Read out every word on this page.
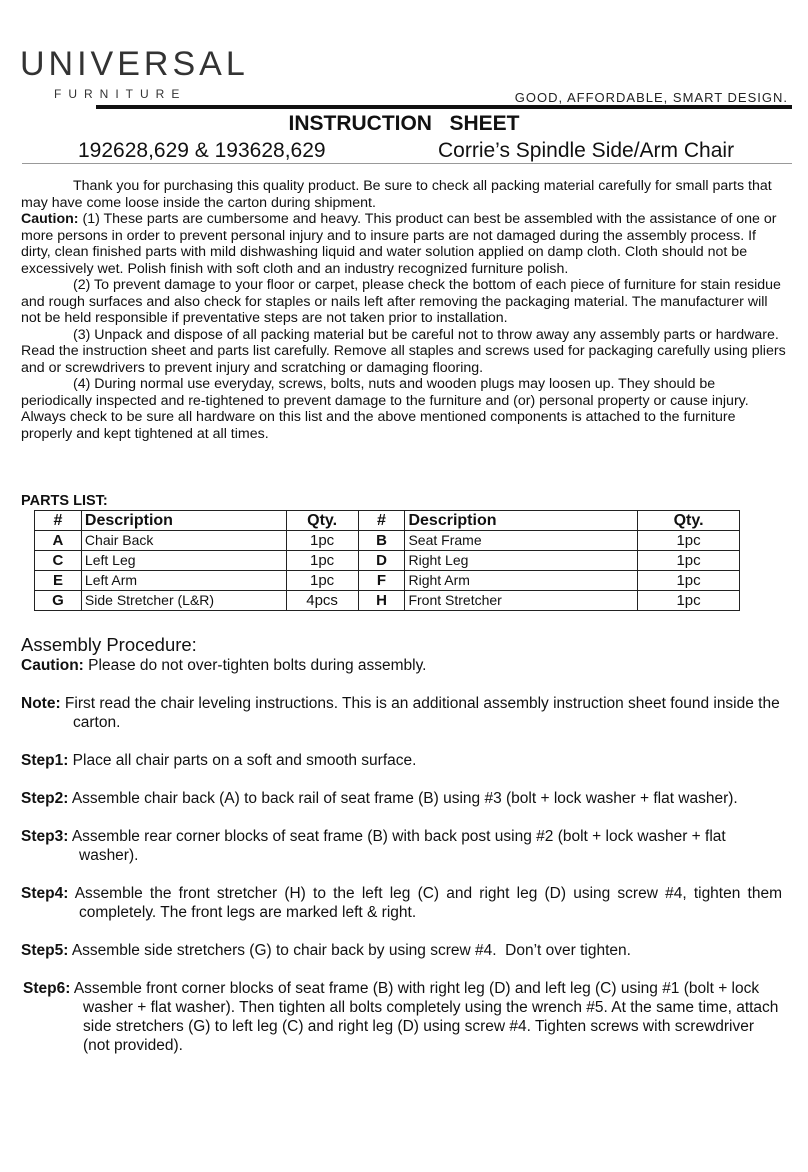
UNIVERSAL
FURNITURE	GOOD, AFFORDABLE, SMART DESIGN.
INSTRUCTION   SHEET
192628,629 & 193628,629	Corrie’s Spindle Side/Arm Chair

Thank you for purchasing this quality product. Be sure to check all packing material carefully for small parts that may have come loose inside the carton during shipment.

Caution: (1) These parts are cumbersome and heavy. This product can best be assembled with the assistance of one or more persons in order to prevent personal injury and to insure parts are not damaged during the assembly process. If dirty, clean finished parts with mild dishwashing liquid and water solution applied on damp cloth. Cloth should not be excessively wet. Polish finish with soft cloth and an industry recognized furniture polish.

(2) To prevent damage to your floor or carpet, please check the bottom of each piece of furniture for stain residue and rough surfaces and also check for staples or nails left after removing the packaging material. The manufacturer will not be held responsible if preventative steps are not taken prior to installation.

(3) Unpack and dispose of all packing material but be careful not to throw away any assembly parts or hardware. Read the instruction sheet and parts list carefully. Remove all staples and screws used for packaging carefully using pliers and or screwdrivers to prevent injury and scratching or damaging flooring.

(4) During normal use everyday, screws, bolts, nuts and wooden plugs may loosen up. They should be periodically inspected and re-tightened to prevent damage to the furniture and (or) personal property or cause injury. Always check to be sure all hardware on this list and the above mentioned components is attached to the furniture properly and kept tightened at all times.

PARTS LIST:
#	Description	Qty.	#	Description	Qty.
A	Chair Back	1pc	B	Seat Frame	1pc
C	Left Leg	1pc	D	Right Leg	1pc
E	Left Arm	1pc	F	Right Arm	1pc
G	Side Stretcher (L&R)	4pcs	H	Front Stretcher	1pc

Assembly Procedure:

Caution: Please do not over-tighten bolts during assembly.

Note: First read the chair leveling instructions. This is an additional assembly instruction sheet found inside the carton.

Step1: Place all chair parts on a soft and smooth surface.

Step2: Assemble chair back (A) to back rail of seat frame (B) using #3 (bolt + lock washer + flat washer).

Step3: Assemble rear corner blocks of seat frame (B) with back post using #2 (bolt + lock washer + flat washer).

Step4: Assemble the front stretcher (H) to the left leg (C) and right leg (D) using screw #4, tighten them completely. The front legs are marked left & right.

Step5: Assemble side stretchers (G) to chair back by using screw #4.  Don’t over tighten.

Step6: Assemble front corner blocks of seat frame (B) with right leg (D) and left leg (C) using #1 (bolt + lock washer + flat washer). Then tighten all bolts completely using the wrench #5. At the same time, attach side stretchers (G) to left leg (C) and right leg (D) using screw #4. Tighten screws with screwdriver (not provided).
